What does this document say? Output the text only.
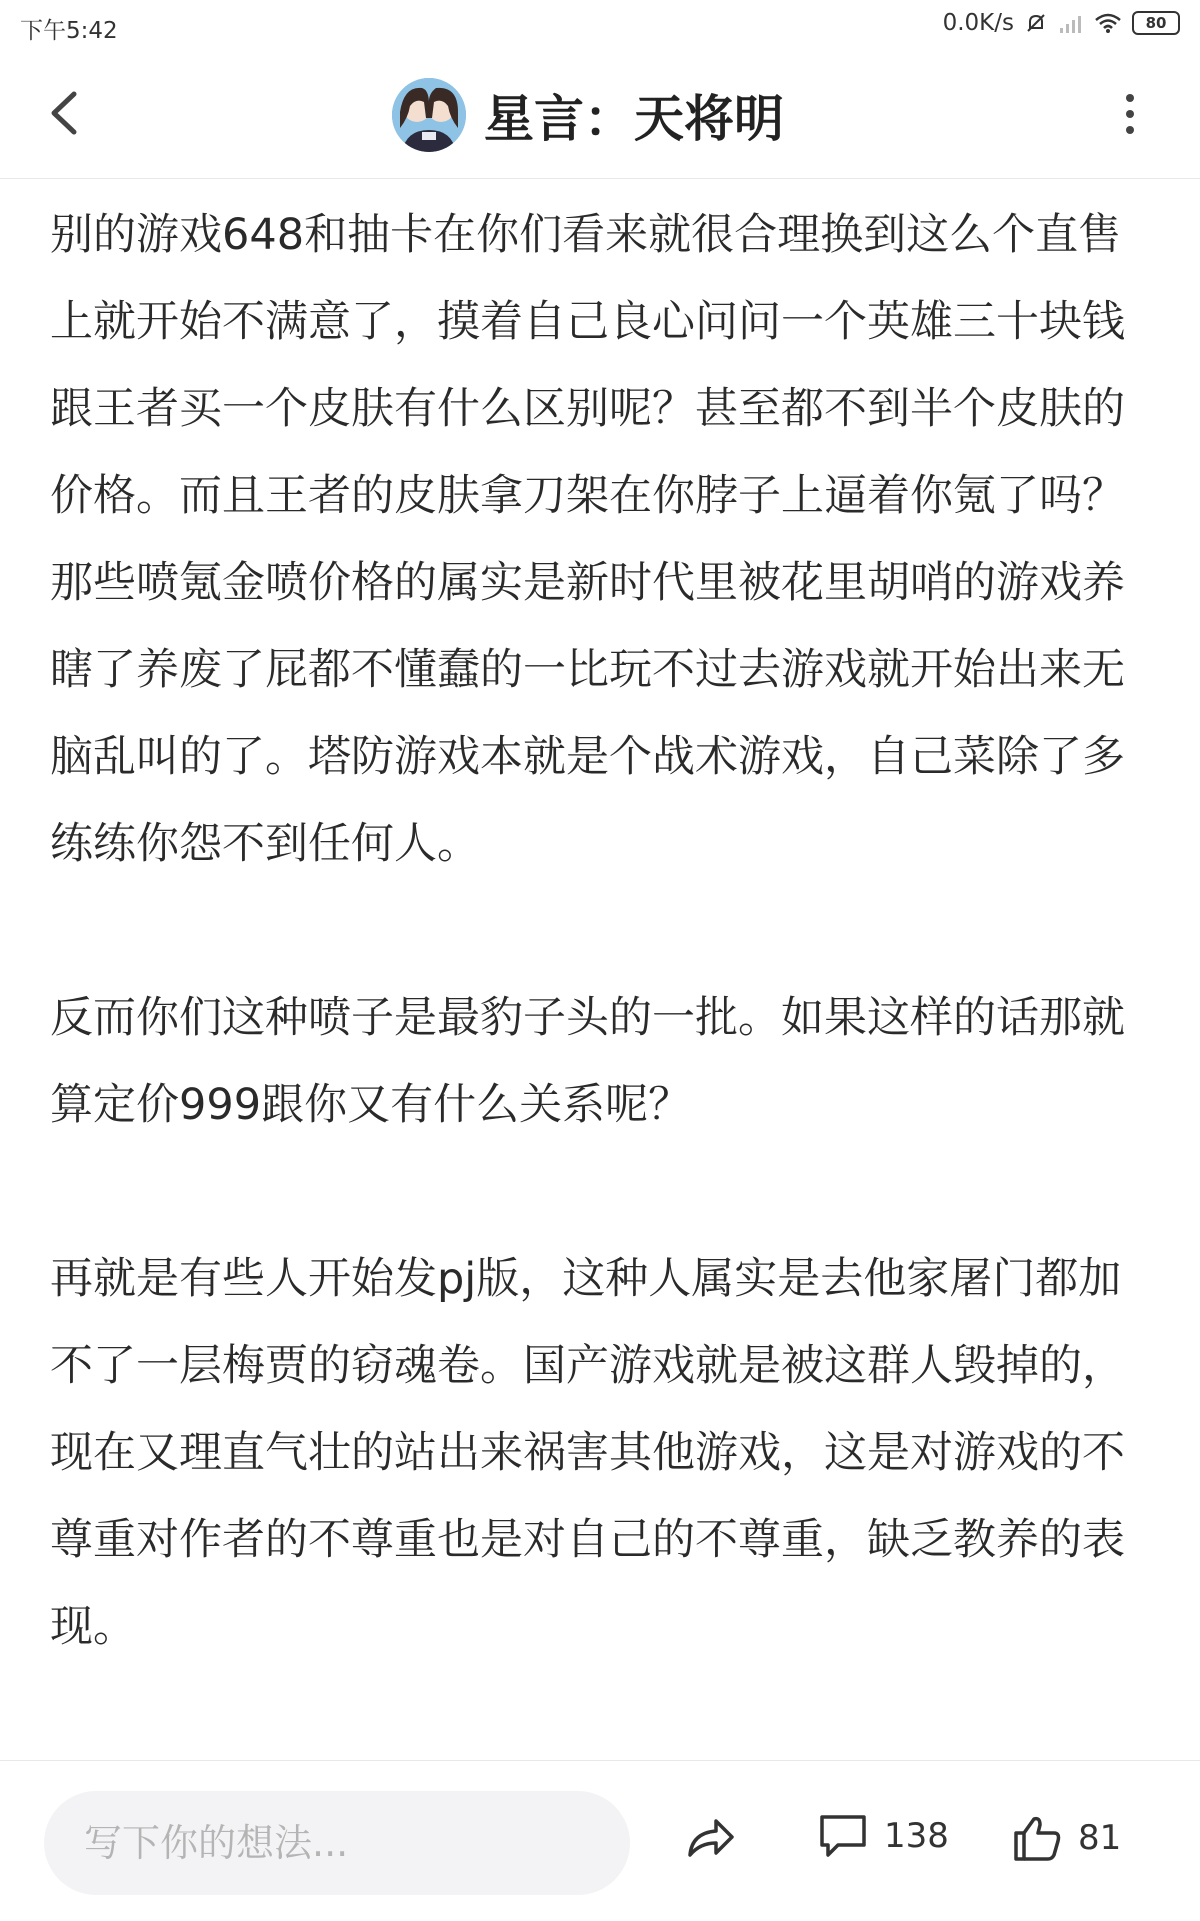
下午5:42	0.0K/s	80
星言：天将明

别的游戏648和抽卡在你们看来就很合理换到这么个直售上就开始不满意了，摸着自己良心问问一个英雄三十块钱跟王者买一个皮肤有什么区别呢？甚至都不到半个皮肤的价格。而且王者的皮肤拿刀架在你脖子上逼着你氪了吗？那些喷氪金喷价格的属实是新时代里被花里胡哨的游戏养瞎了养废了屁都不懂蠢的一比玩不过去游戏就开始出来无脑乱叫的了。塔防游戏本就是个战术游戏，自己菜除了多练练你怨不到任何人。

反而你们这种喷子是最豹子头的一批。如果这样的话那就算定价999跟你又有什么关系呢？

再就是有些人开始发pj版，这种人属实是去他家屠门都加不了一层梅贾的窃魂卷。国产游戏就是被这群人毁掉的，现在又理直气壮的站出来祸害其他游戏，这是对游戏的不尊重对作者的不尊重也是对自己的不尊重，缺乏教养的表现。

写下你的想法...
138	81
